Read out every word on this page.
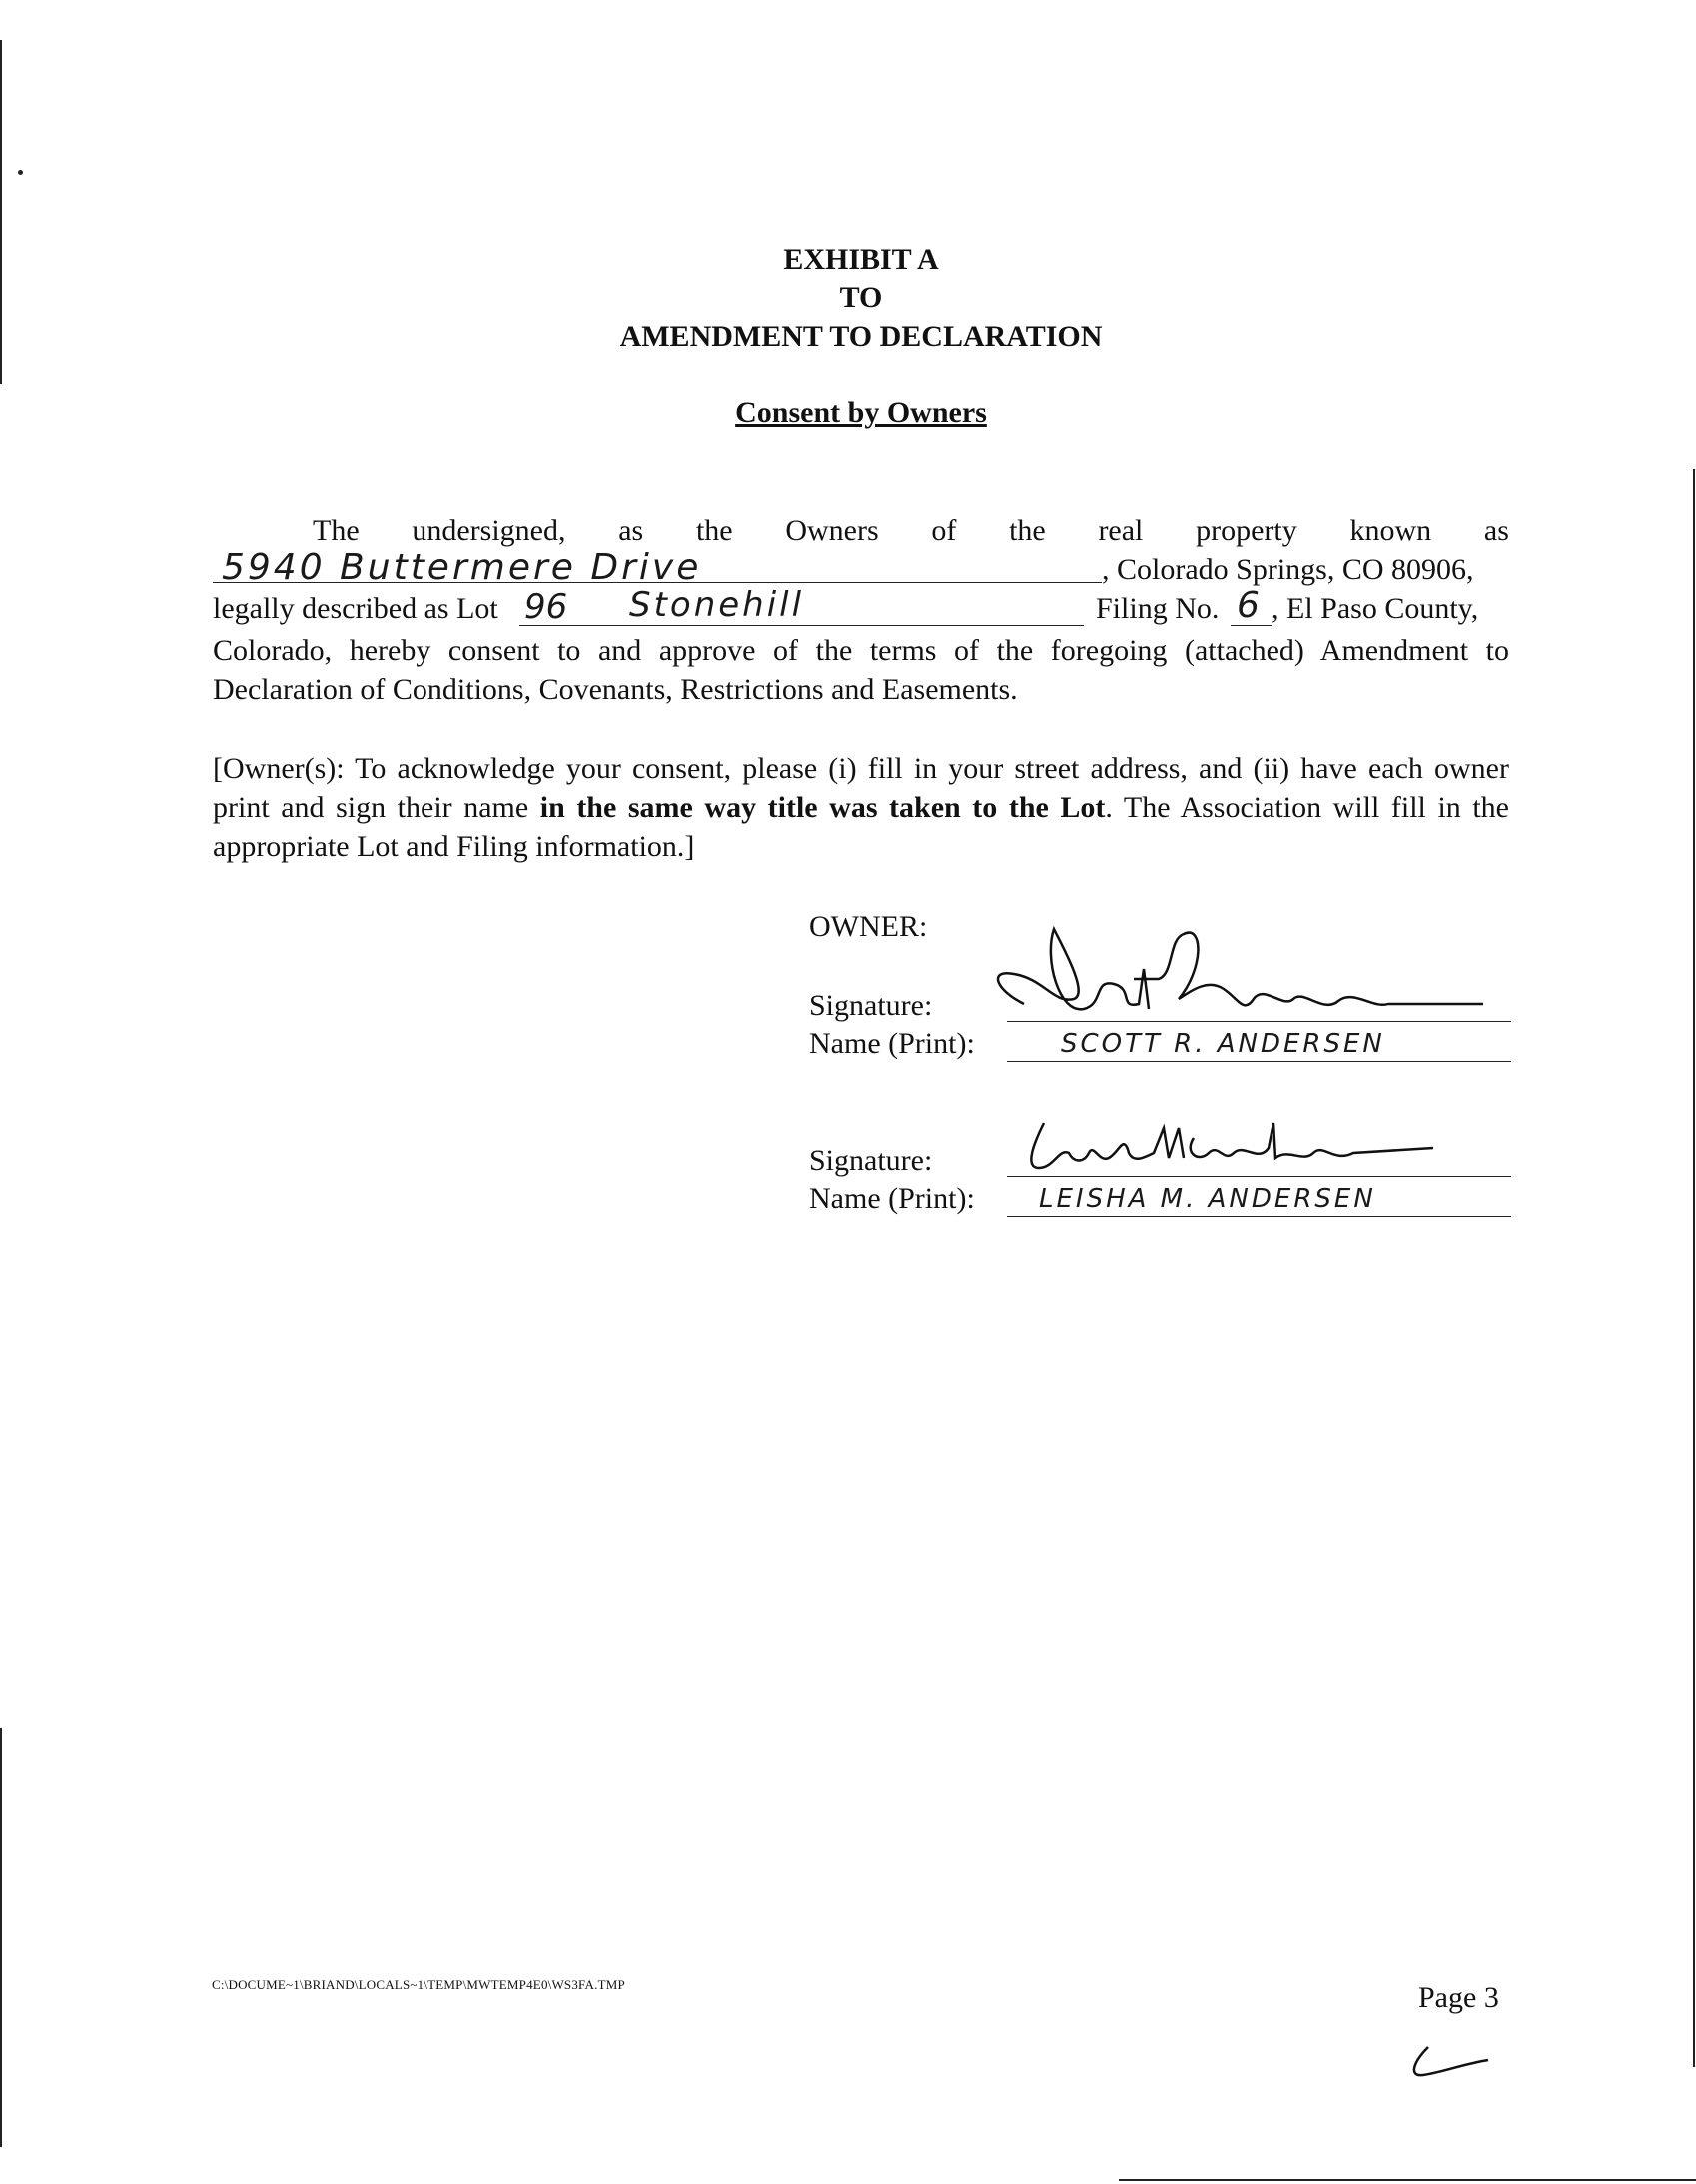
EXHIBIT A
TO
AMENDMENT TO DECLARATION
Consent by Owners
The undersigned, as the Owners of the real property known as
5940 Buttermere Drive	, Colorado Springs, CO 80906,
legally described as Lot 96 Stonehill	Filing No. 6 , El Paso County,
Colorado, hereby consent to and approve of the terms of the foregoing (attached) Amendment to Declaration of Conditions, Covenants, Restrictions and Easements.
[Owner(s): To acknowledge your consent, please (i) fill in your street address, and (ii) have each owner print and sign their name in the same way title was taken to the Lot. The Association will fill in the appropriate Lot and Filing information.]
OWNER:
Signature:
Name (Print):	SCOTT R. ANDERSEN
Signature:
Name (Print): LEISHA M. ANDERSEN
C:\DOCUME~1\BRIAND\LOCALS~1\TEMP\MWTEMP4E0\WS3FA.TMP	Page 3
